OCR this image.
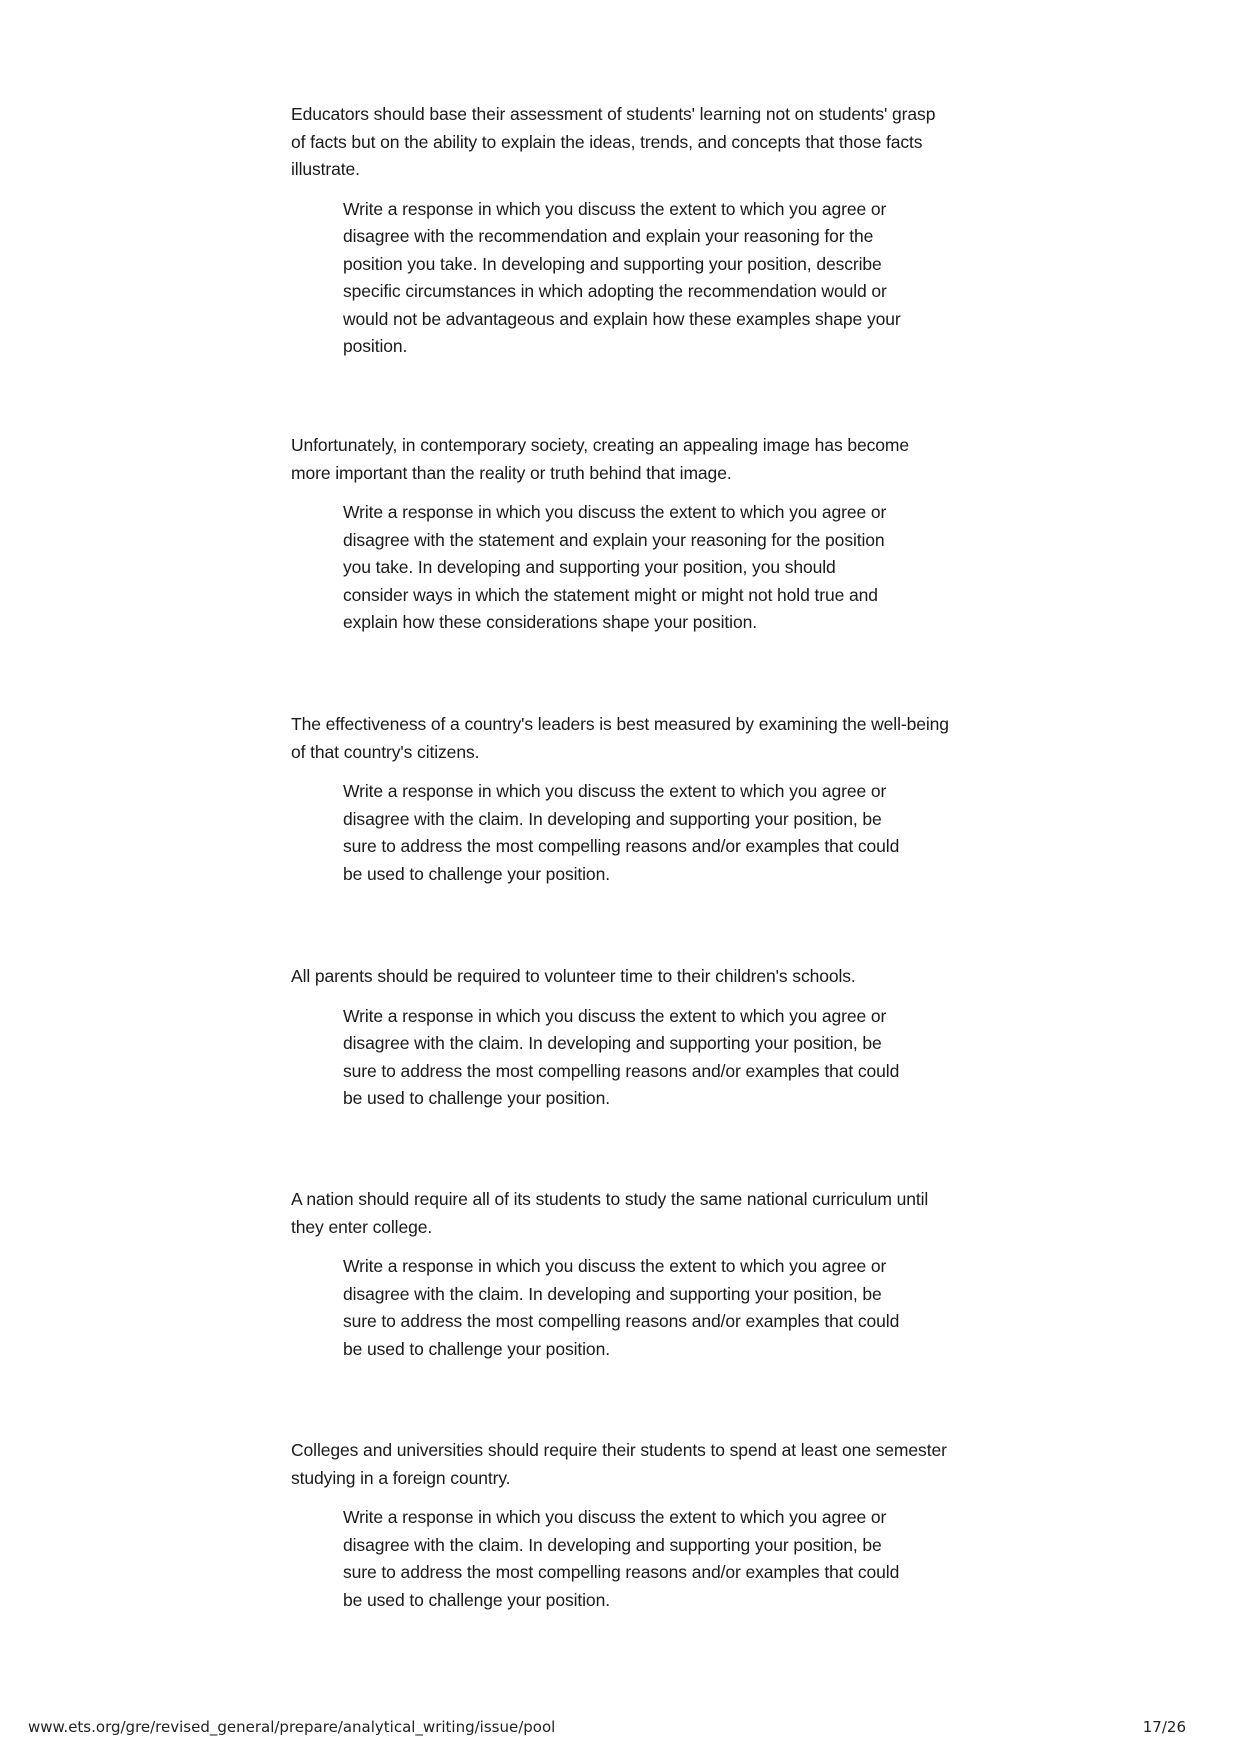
Educators should base their assessment of students' learning not on students' grasp of facts but on the ability to explain the ideas, trends, and concepts that those facts illustrate.

Write a response in which you discuss the extent to which you agree or disagree with the recommendation and explain your reasoning for the position you take. In developing and supporting your position, describe specific circumstances in which adopting the recommendation would or would not be advantageous and explain how these examples shape your position.

Unfortunately, in contemporary society, creating an appealing image has become more important than the reality or truth behind that image.

Write a response in which you discuss the extent to which you agree or disagree with the statement and explain your reasoning for the position you take. In developing and supporting your position, you should consider ways in which the statement might or might not hold true and explain how these considerations shape your position.

The effectiveness of a country's leaders is best measured by examining the well-being of that country's citizens.

Write a response in which you discuss the extent to which you agree or disagree with the claim. In developing and supporting your position, be sure to address the most compelling reasons and/or examples that could be used to challenge your position.

All parents should be required to volunteer time to their children's schools.

Write a response in which you discuss the extent to which you agree or disagree with the claim. In developing and supporting your position, be sure to address the most compelling reasons and/or examples that could be used to challenge your position.

A nation should require all of its students to study the same national curriculum until they enter college.

Write a response in which you discuss the extent to which you agree or disagree with the claim. In developing and supporting your position, be sure to address the most compelling reasons and/or examples that could be used to challenge your position.

Colleges and universities should require their students to spend at least one semester studying in a foreign country.

Write a response in which you discuss the extent to which you agree or disagree with the claim. In developing and supporting your position, be sure to address the most compelling reasons and/or examples that could be used to challenge your position.

www.ets.org/gre/revised_general/prepare/analytical_writing/issue/pool	17/26
